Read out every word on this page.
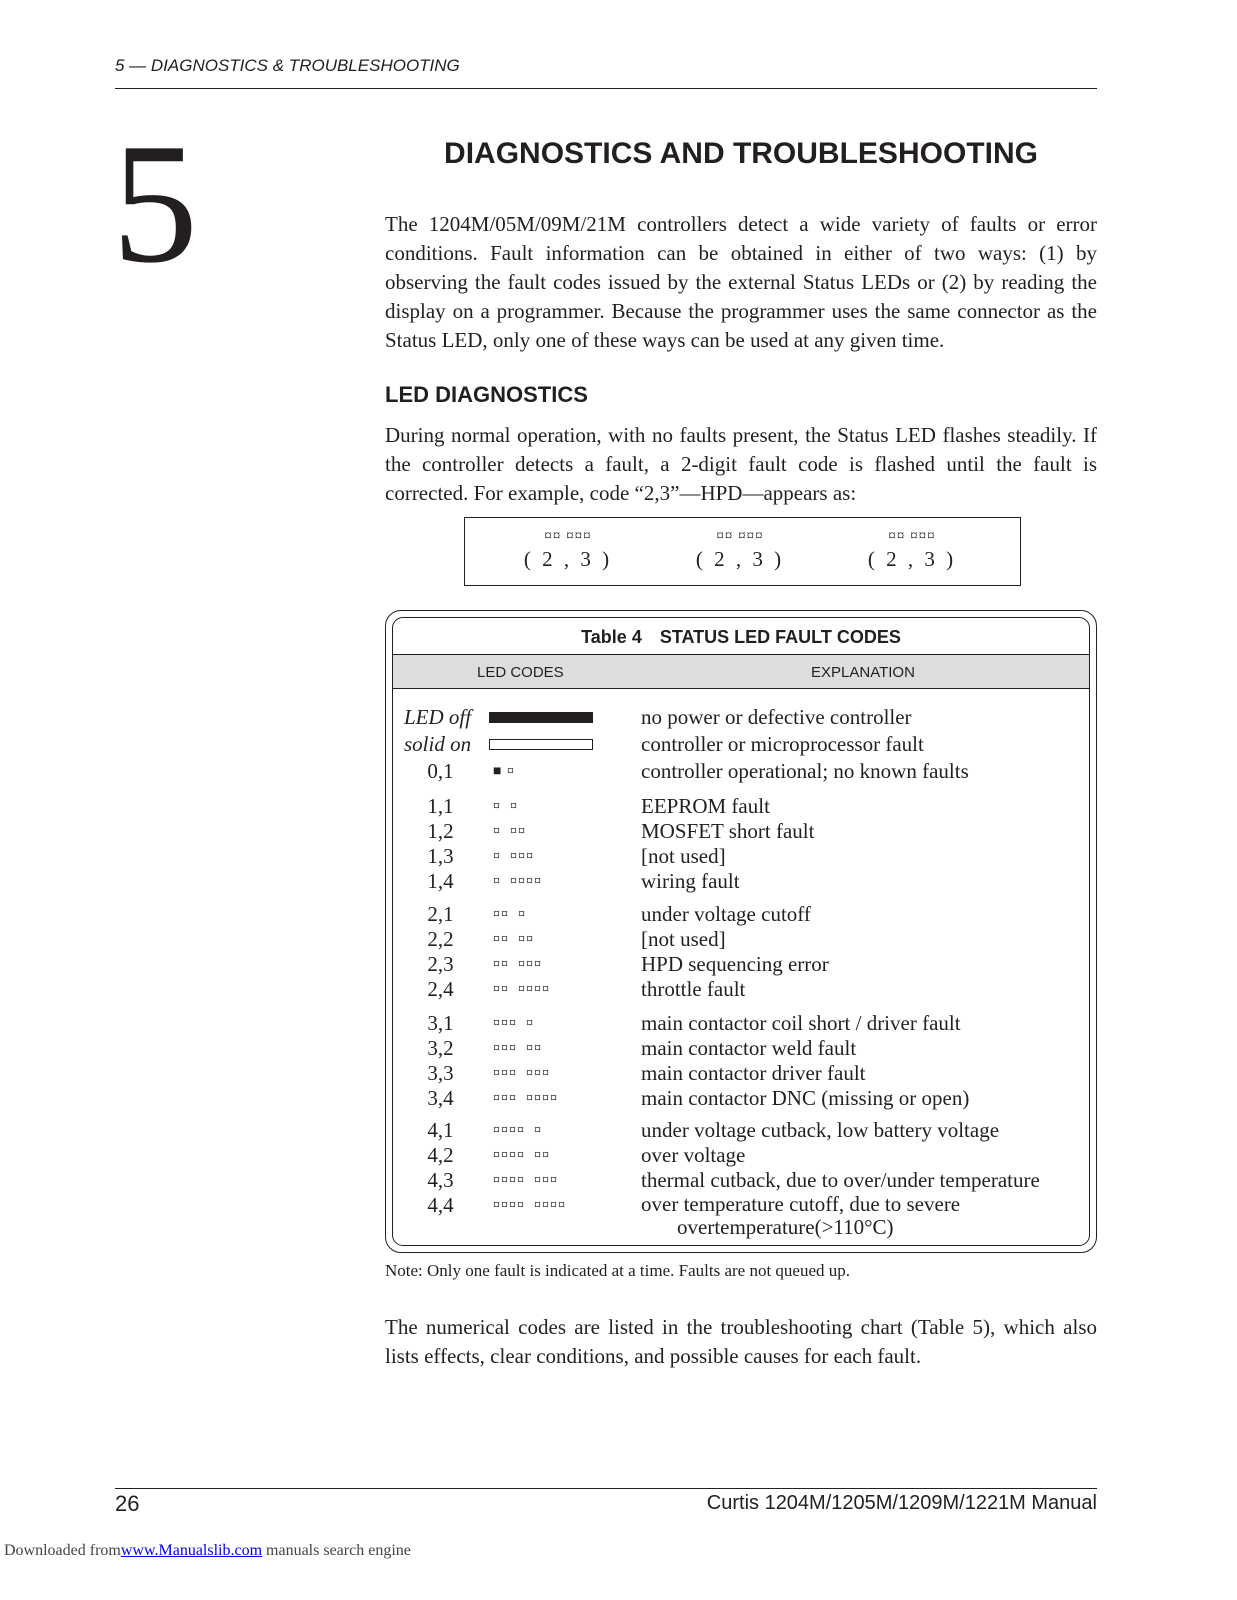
5 — DIAGNOSTICS & TROUBLESHOOTING
5	DIAGNOSTICS AND TROUBLESHOOTING
The 1204M/05M/09M/21M controllers detect a wide variety of faults or error conditions. Fault information can be obtained in either of two ways: (1) by observing the fault codes issued by the external Status LEDs or (2) by reading the display on a programmer. Because the programmer uses the same connector as the Status LED, only one of these ways can be used at any given time.
LED DIAGNOSTICS
During normal operation, with no faults present, the Status LED flashes steadily. If the controller detects a fault, a 2-digit fault code is flashed until the fault is corrected. For example, code “2,3”—HPD—appears as:
¤¤ ¤¤¤
( 2 , 3 )
¤¤ ¤¤¤
( 2 , 3 )
¤¤ ¤¤¤
( 2 , 3 )
Table 4 STATUS LED FAULT CODES
LED CODES	EXPLANATION
LED off	no power or defective controller
solid on	controller or microprocessor fault
0,1	■ ¤	controller operational; no known faults
1,1	¤  ¤	EEPROM fault
1,2	¤  ¤¤	MOSFET short fault
1,3	¤  ¤¤¤	[not used]
1,4	¤  ¤¤¤¤	wiring fault
2,1	¤¤  ¤	under voltage cutoff
2,2	¤¤  ¤¤	[not used]
2,3	¤¤  ¤¤¤	HPD sequencing error
2,4	¤¤  ¤¤¤¤	throttle fault
3,1	¤¤¤  ¤	main contactor coil short / driver fault
3,2	¤¤¤  ¤¤	main contactor weld fault
3,3	¤¤¤  ¤¤¤	main contactor driver fault
3,4	¤¤¤  ¤¤¤¤	main contactor DNC (missing or open)
4,1	¤¤¤¤  ¤	under voltage cutback, low battery voltage
4,2	¤¤¤¤  ¤¤	over voltage
4,3	¤¤¤¤  ¤¤¤	thermal cutback, due to over/under temperature
4,4	¤¤¤¤  ¤¤¤¤	over temperature cutoff, due to severe
overtemperature(>110°C)
Note: Only one fault is indicated at a time. Faults are not queued up.
The numerical codes are listed in the troubleshooting chart (Table 5), which also lists effects, clear conditions, and possible causes for each fault.
26	Curtis 1204M/1205M/1209M/1221M Manual
Downloaded fromwww.Manualslib.com manuals search engine
